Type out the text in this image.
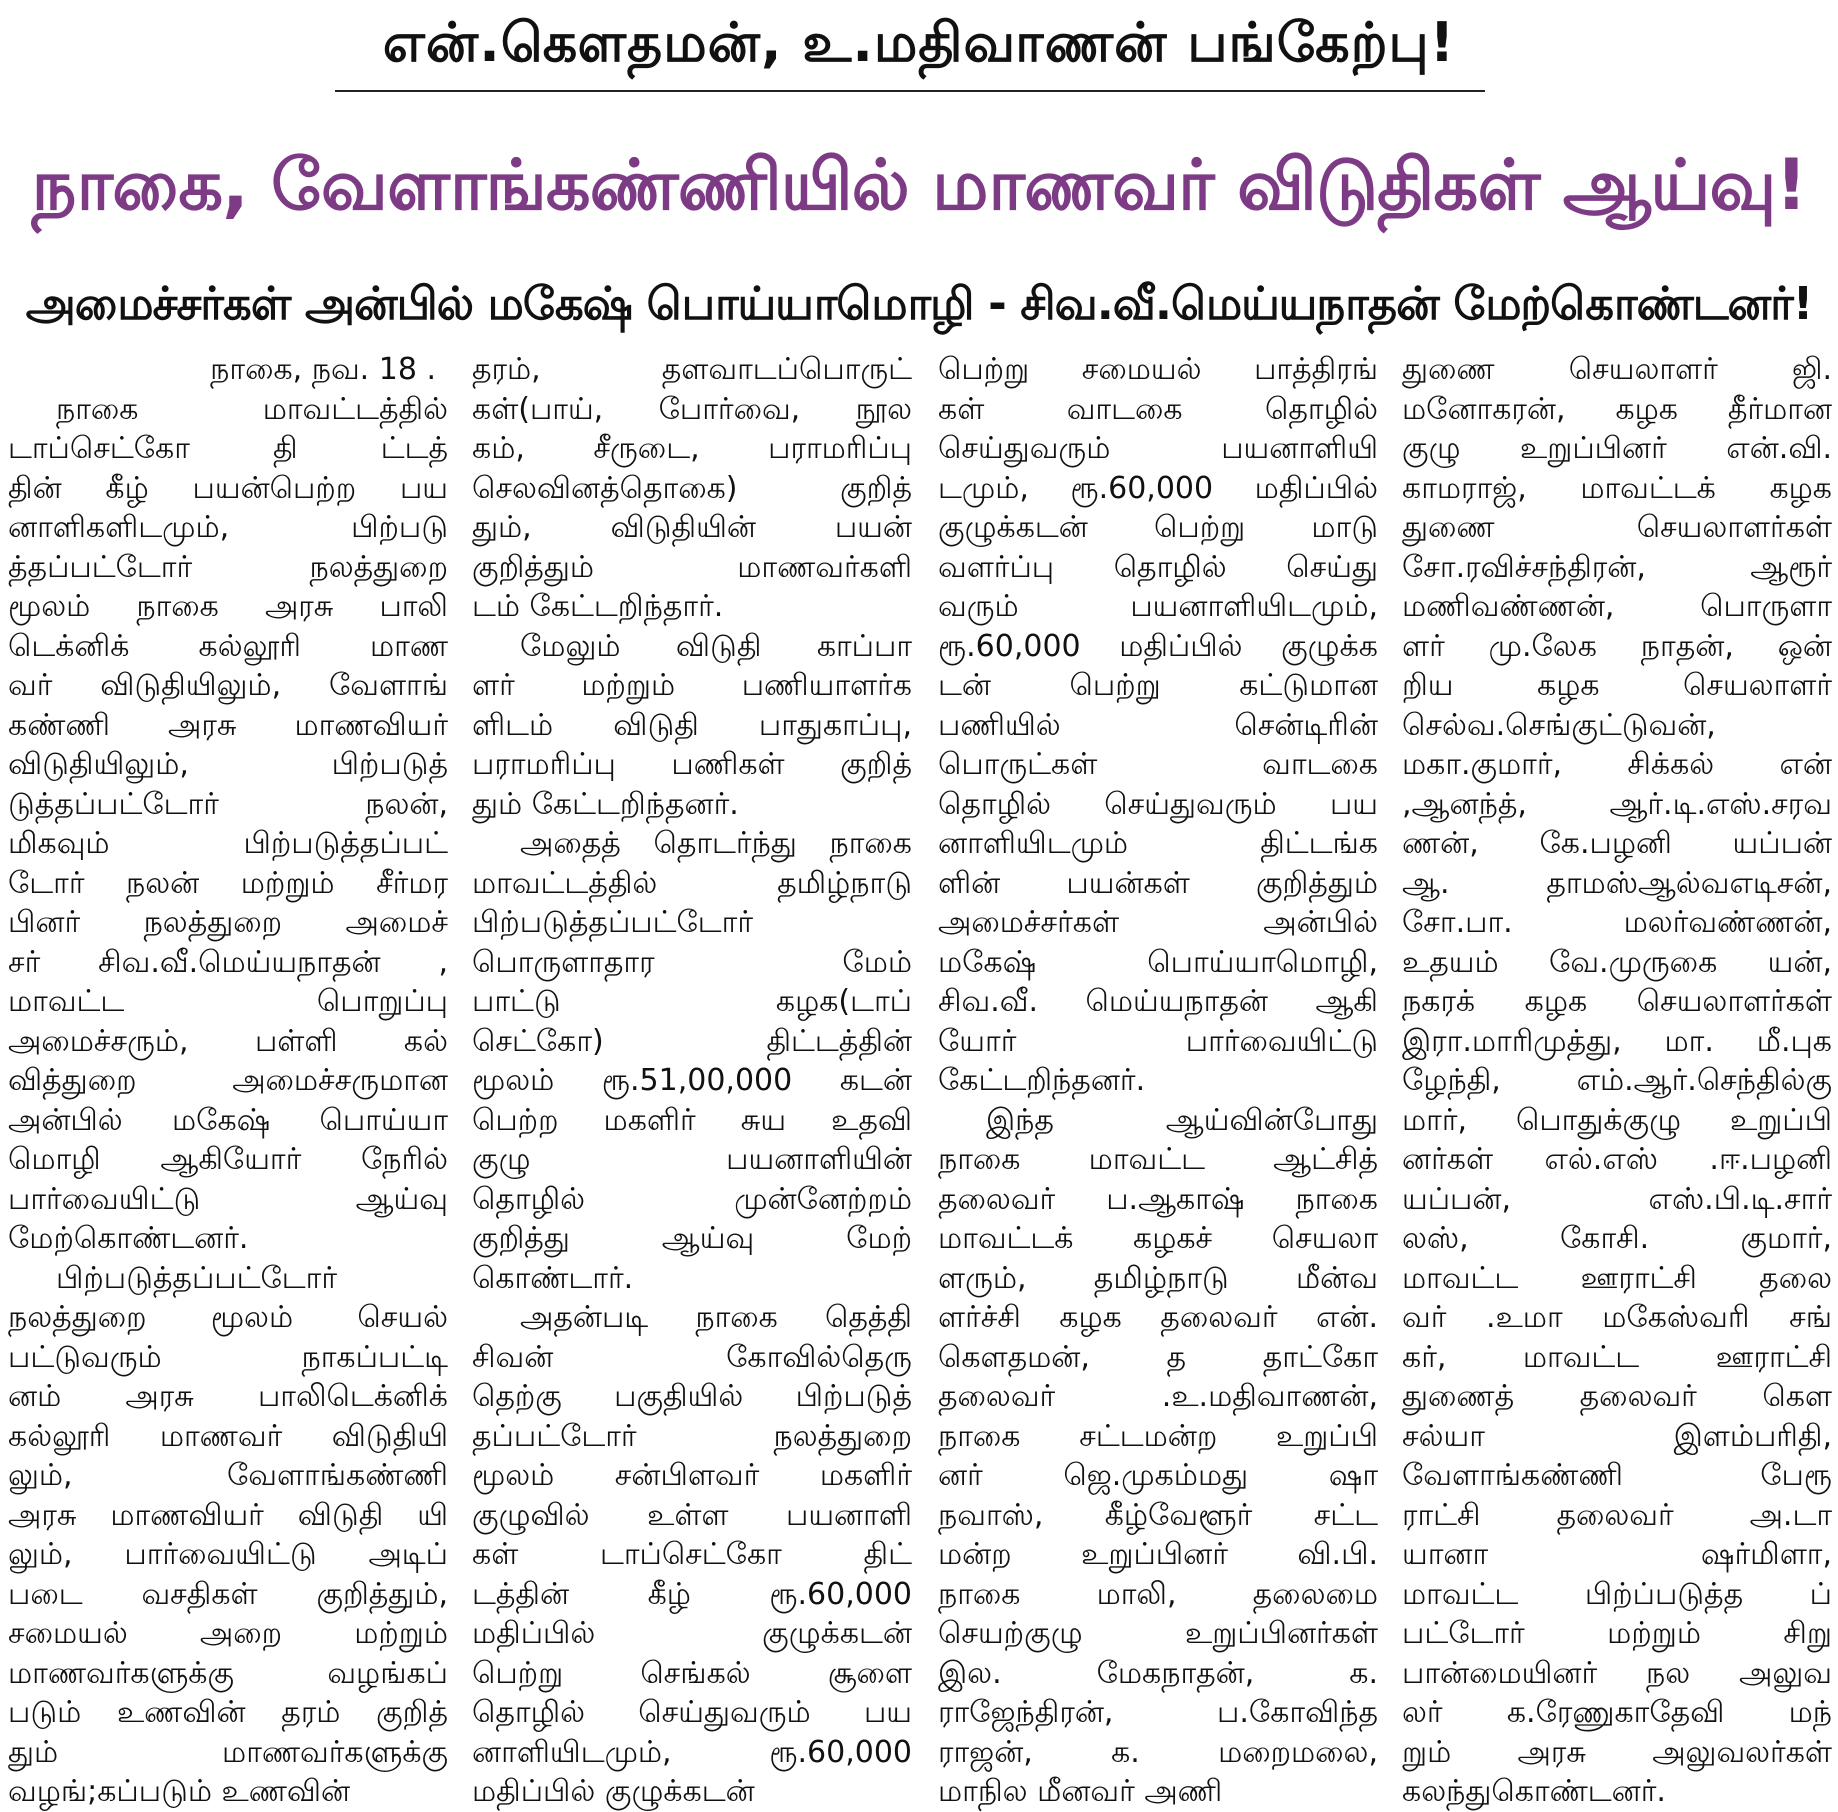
என்.கௌதமன், உ.மதிவாணன் பங்கேற்பு!
நாகை, வேளாங்கண்ணியில் மாணவர் விடுதிகள் ஆய்வு!
அமைச்சர்கள் அன்பில் மகேஷ் பொய்யாமொழி - சிவ.வீ.மெய்யநாதன் மேற்கொண்டனர்!
நாகை, நவ. 18 .
நாகை மாவட்டத்தில்
டாப்செட்கோ தி ட்டத்
தின் கீழ் பயன்பெற்ற பய
னாளிகளிடமும், பிற்படு
த்தப்பட்டோர் நலத்துறை
மூலம் நாகை அரசு பாலி
டெக்னிக் கல்லூரி மாண
வர் விடுதியிலும், வேளாங்
கண்ணி அரசு மாணவியர்
விடுதியிலும், பிற்படுத்
டுத்தப்பட்டோர் நலன்,
மிகவும் பிற்படுத்தப்பட்
டோர் நலன் மற்றும் சீர்மர
பினர் நலத்துறை அமைச்
சர் சிவ.வீ.மெய்யநாதன் ,
மாவட்ட பொறுப்பு
அமைச்சரும், பள்ளி கல்
வித்துறை அமைச்சருமான
அன்பில் மகேஷ் பொய்யா
மொழி ஆகியோர் நேரில்
பார்வையிட்டு ஆய்வு
மேற்கொண்டனர்.
பிற்படுத்தப்பட்டோர்
நலத்துறை மூலம் செயல்
பட்டுவரும் நாகப்பட்டி
னம் அரசு பாலிடெக்னிக்
கல்லூரி மாணவர் விடுதியி
லும், வேளாங்கண்ணி
அரசு மாணவியர் விடுதி யி
லும், பார்வையிட்டு அடிப்
படை வசதிகள் குறித்தும்,
சமையல் அறை மற்றும்
மாணவர்களுக்கு வழங்கப்
படும் உணவின் தரம் குறித்
தும் மாணவர்களுக்கு
வழங்;கப்படும் உணவின்
தரம், தளவாடப்பொருட்
கள்(பாய், போர்வை, நூல
கம், சீருடை, பராமரிப்பு
செலவினத்தொகை) குறித்
தும், விடுதியின் பயன்
குறித்தும் மாணவர்களி
டம் கேட்டறிந்தார்.
மேலும் விடுதி காப்பா
ளர் மற்றும் பணியாளர்க
ளிடம் விடுதி பாதுகாப்பு,
பராமரிப்பு பணிகள் குறித்
தும் கேட்டறிந்தனர்.
அதைத் தொடர்ந்து நாகை
மாவட்டத்தில் தமிழ்நாடு
பிற்படுத்தப்பட்டோர்
பொருளாதார மேம்
பாட்டு கழக(டாப்
செட்கோ) திட்டத்தின்
மூலம் ரூ.51,00,000 கடன்
பெற்ற மகளிர் சுய உதவி
குழு பயனாளியின்
தொழில் முன்னேற்றம்
குறித்து ஆய்வு மேற்
கொண்டார்.
அதன்படி நாகை தெத்தி
சிவன் கோவில்தெரு
தெற்கு பகுதியில் பிற்படுத்
தப்பட்டோர் நலத்துறை
மூலம் சன்பிளவர் மகளிர்
குழுவில் உள்ள பயனாளி
கள் டாப்செட்கோ திட்
டத்தின் கீழ் ரூ.60,000
மதிப்பில் குழுக்கடன்
பெற்று செங்கல் சூளை
தொழில் செய்துவரும் பய
னாளியிடமும், ரூ.60,000
மதிப்பில் குழுக்கடன்
பெற்று சமையல் பாத்திரங்
கள் வாடகை தொழில்
செய்துவரும் பயனாளியி
டமும், ரூ.60,000 மதிப்பில்
குழுக்கடன் பெற்று மாடு
வளர்ப்பு தொழில் செய்து
வரும் பயனாளியிடமும்,
ரூ.60,000 மதிப்பில் குழுக்க
டன் பெற்று கட்டுமான
பணியில் சென்டிரின்
பொருட்கள் வாடகை
தொழில் செய்துவரும் பய
னாளியிடமும் திட்டங்க
ளின் பயன்கள் குறித்தும்
அமைச்சர்கள் அன்பில்
மகேஷ் பொய்யாமொழி,
சிவ.வீ. மெய்யநாதன் ஆகி
யோர் பார்வையிட்டு
கேட்டறிந்தனர்.
இந்த ஆய்வின்போது
நாகை மாவட்ட ஆட்சித்
தலைவர் ப.ஆகாஷ் நாகை
மாவட்டக் கழகச் செயலா
ளரும், தமிழ்நாடு மீன்வ
ளர்ச்சி கழக தலைவர் என்.
கௌதமன், த தாட்கோ
தலைவர் .உ.மதிவாணன்,
நாகை சட்டமன்ற உறுப்பி
னர் ஜெ.முகம்மது ஷா
நவாஸ், கீழ்வேளூர் சட்ட
மன்ற உறுப்பினர் வி.பி.
நாகை மாலி, தலைமை
செயற்குழு உறுப்பினர்கள்
இல. மேகநாதன், க.
ராஜேந்திரன், ப.கோவிந்த
ராஜன், க. மறைமலை,
மாநில மீனவர் அணி
துணை செயலாளர் ஜி.
மனோகரன், கழக தீர்மான
குழு உறுப்பினர் என்.வி.
காமராஜ், மாவட்டக் கழக
துணை செயலாளர்கள்
சோ.ரவிச்சந்திரன், ஆரூர்
மணிவண்ணன், பொருளா
ளர் மு.லேக நாதன், ஒன்
றிய கழக செயலாளர்
செல்வ.செங்குட்டுவன்,
மகா.குமார், சிக்கல் என்
,ஆனந்த், ஆர்.டி.எஸ்.சரவ
ணன், கே.பழனி யப்பன்
ஆ. தாமஸ்ஆல்வஎடிசன்,
சோ.பா. மலர்வண்ணன்,
உதயம் வே.முருகை யன்,
நகரக் கழக செயலாளர்கள்
இரா.மாரிமுத்து, மா. மீ.புக
ழேந்தி, எம்.ஆர்.செந்தில்கு
மார், பொதுக்குழு உறுப்பி
னர்கள் எல்.எஸ் .ஈ.பழனி
யப்பன், எஸ்.பி.டி.சார்
லஸ், கோசி. குமார்,
மாவட்ட ஊராட்சி தலை
வர் .உமா மகேஸ்வரி சங்
கர், மாவட்ட ஊராட்சி
துணைத் தலைவர் கௌ
சல்யா இளம்பரிதி,
வேளாங்கண்ணி பேரூ
ராட்சி தலைவர் அ.டா
யானா ஷர்மிளா,
மாவட்ட பிற்ப்படுத்த ப்
பட்டோர் மற்றும் சிறு
பான்மையினர் நல அலுவ
லர் க.ரேணுகாதேவி மந்
றும் அரசு அலுவலர்கள்
கலந்துகொண்டனர்.
